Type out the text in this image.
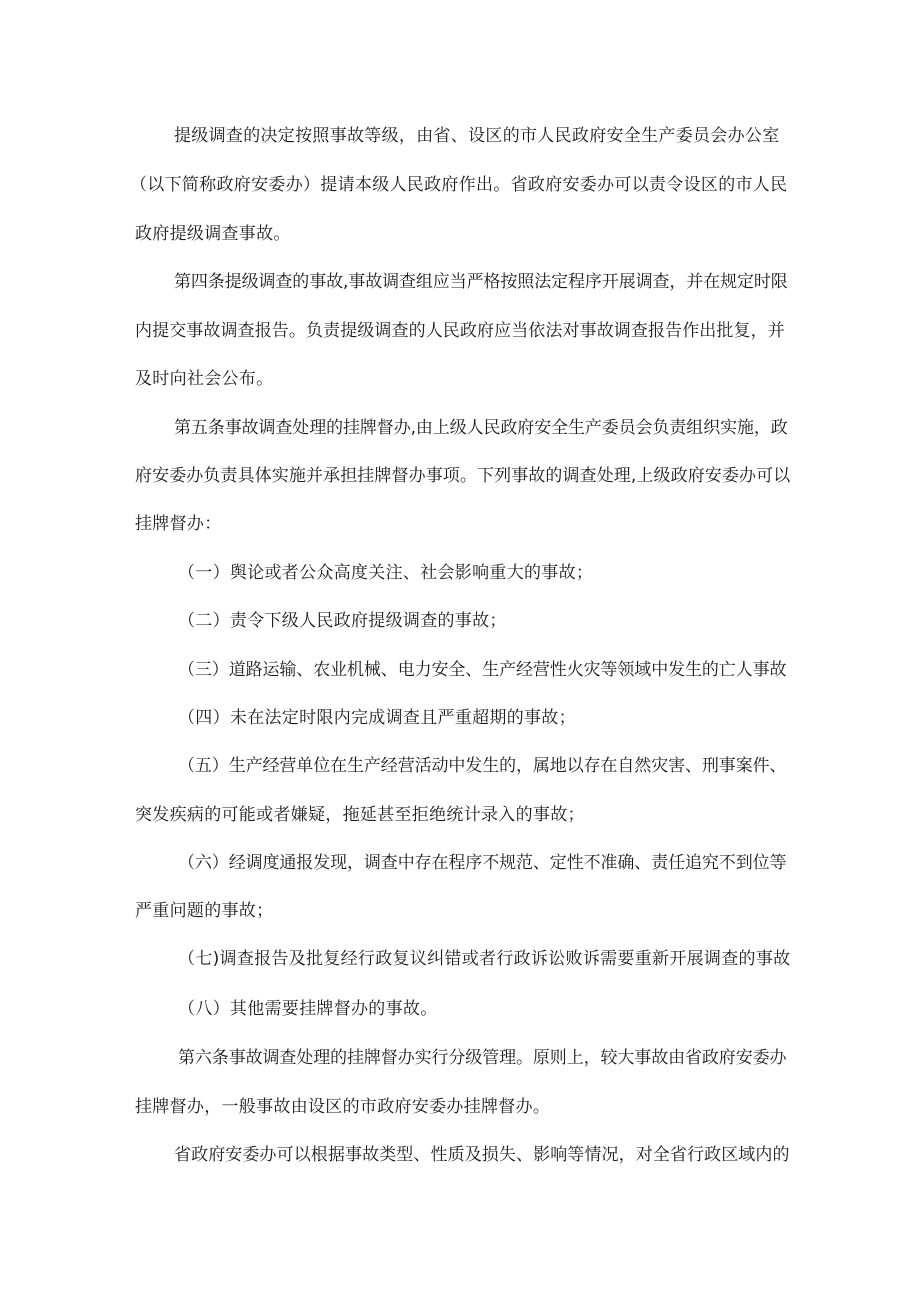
提级调查的决定按照事故等级，由省、设区的市人民政府安全生产委员会办公室
（以下简称政府安委办）提请本级人民政府作出。省政府安委办可以责令设区的市人民
政府提级调查事故。
第四条提级调查的事故,事故调查组应当严格按照法定程序开展调查，并在规定时限
内提交事故调查报告。负责提级调查的人民政府应当依法对事故调查报告作出批复，并
及时向社会公布。
第五条事故调查处理的挂牌督办,由上级人民政府安全生产委员会负责组织实施，政
府安委办负责具体实施并承担挂牌督办事项。下列事故的调查处理,上级政府安委办可以
挂牌督办：
（一）舆论或者公众高度关注、社会影响重大的事故；
（二）责令下级人民政府提级调查的事故；
（三）道路运输、农业机械、电力安全、生产经营性火灾等领域中发生的亡人事故
（四）未在法定时限内完成调查且严重超期的事故；
（五）生产经营单位在生产经营活动中发生的，属地以存在自然灾害、刑事案件、
突发疾病的可能或者嫌疑，拖延甚至拒绝统计录入的事故；
（六）经调度通报发现，调查中存在程序不规范、定性不准确、责任追究不到位等
严重问题的事故；
（七)调查报告及批复经行政复议纠错或者行政诉讼败诉需要重新开展调查的事故
（八）其他需要挂牌督办的事故。
第六条事故调查处理的挂牌督办实行分级管理。原则上，较大事故由省政府安委办
挂牌督办，一般事故由设区的市政府安委办挂牌督办。
省政府安委办可以根据事故类型、性质及损失、影响等情况，对全省行政区域内的
